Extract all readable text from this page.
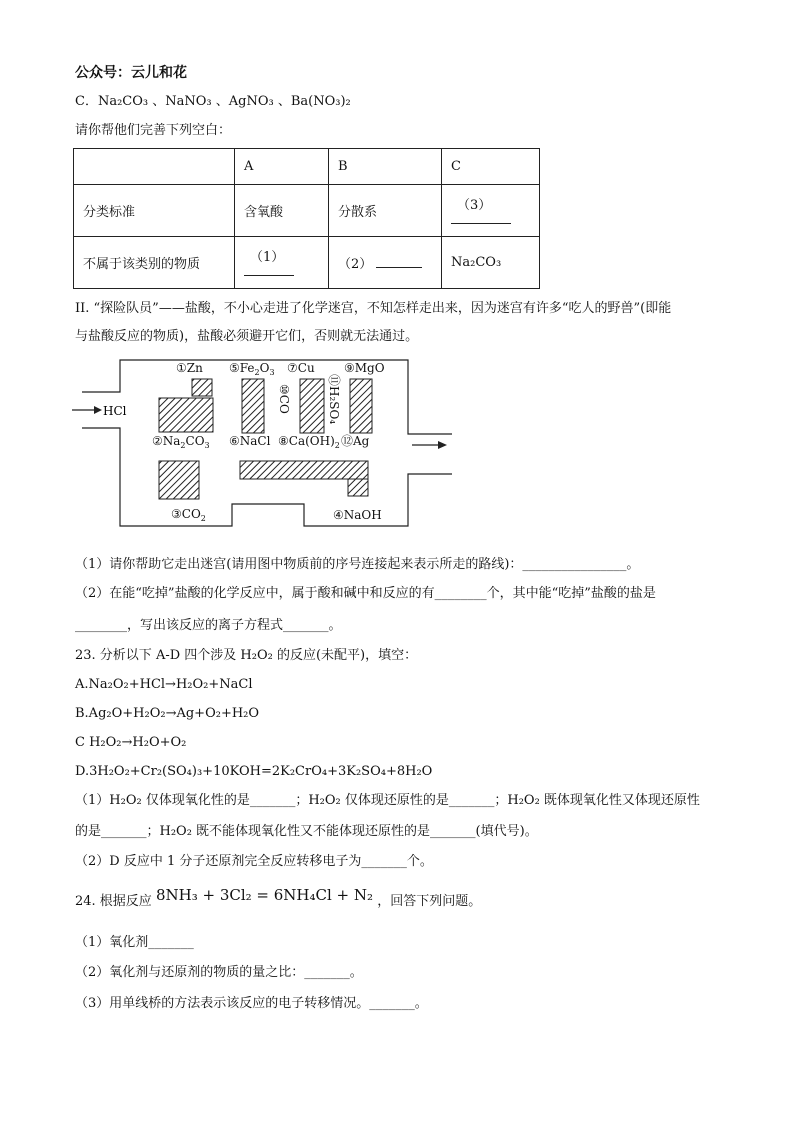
公众号：云儿和花
C．Na₂CO₃ 、NaNO₃ 、AgNO₃ 、Ba(NO₃)₂
请你帮他们完善下列空白：
	A	B	C
分类标准	含氧酸	分散系	（3）

不属于该类别的物质	（1）	（2）	Na₂CO₃
II. “探险队员”——盐酸，不小心走进了化学迷宫，不知怎样走出来，因为迷宫有许多“吃人的野兽”(即能
与盐酸反应的物质)，盐酸必须避开它们，否则就无法通过。
HCl
①Zn $⑤Fe_2O_3$ ⑦Cu ⑨MgO
$②Na_2CO_3$ ⑥NaCl $⑧Ca(OH)_2$ ⑫Ag
$③CO_2$	④NaOH
⑩CO	⑪H₂SO₄
（1）请你帮助它走出迷宫(请用图中物质前的序号连接起来表示所走的路线)：________________。
（2）在能“吃掉”盐酸的化学反应中，属于酸和碱中和反应的有________个，其中能“吃掉”盐酸的盐是
________，写出该反应的离子方程式_______。
23. 分析以下 A-D 四个涉及 H₂O₂ 的反应(未配平)，填空：
A.Na₂O₂+HCl→H₂O₂+NaCl
B.Ag₂O+H₂O₂→Ag+O₂+H₂O
C H₂O₂→H₂O+O₂
D.3H₂O₂+Cr₂(SO₄)₃+10KOH=2K₂CrO₄+3K₂SO₄+8H₂O
（1）H₂O₂ 仅体现氧化性的是_______；H₂O₂ 仅体现还原性的是_______；H₂O₂ 既体现氧化性又体现还原性
的是_______；H₂O₂ 既不能体现氧化性又不能体现还原性的是_______(填代号)。
（2）D 反应中 1 分子还原剂完全反应转移电子为_______个。
24. 根据反应 8NH₃ + 3Cl₂ = 6NH₄Cl + N₂ ，回答下列问题。
（1）氧化剂_______
（2）氧化剂与还原剂的物质的量之比：_______。
（3）用单线桥的方法表示该反应的电子转移情况。_______。
